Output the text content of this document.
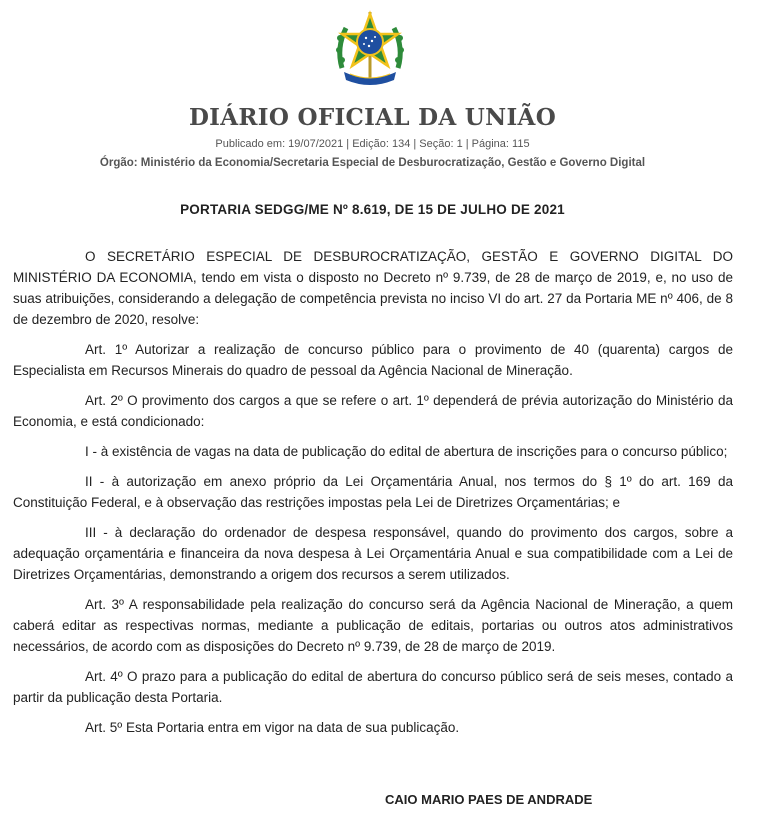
DIÁRIO OFICIAL DA UNIÃO
Publicado em: 19/07/2021 | Edição: 134 | Seção: 1 | Página: 115
Órgão: Ministério da Economia/Secretaria Especial de Desburocratização, Gestão e Governo Digital
PORTARIA SEDGG/ME Nº 8.619, DE 15 DE JULHO DE 2021

O SECRETÁRIO ESPECIAL DE DESBUROCRATIZAÇÃO, GESTÃO E GOVERNO DIGITAL DO MINISTÉRIO DA ECONOMIA, tendo em vista o disposto no Decreto nº 9.739, de 28 de março de 2019, e, no uso de suas atribuições, considerando a delegação de competência prevista no inciso VI do art. 27 da Portaria ME nº 406, de 8 de dezembro de 2020, resolve:

Art. 1º Autorizar a realização de concurso público para o provimento de 40 (quarenta) cargos de Especialista em Recursos Minerais do quadro de pessoal da Agência Nacional de Mineração.

Art. 2º O provimento dos cargos a que se refere o art. 1º dependerá de prévia autorização do Ministério da Economia, e está condicionado:

I - à existência de vagas na data de publicação do edital de abertura de inscrições para o concurso público;

II - à autorização em anexo próprio da Lei Orçamentária Anual, nos termos do § 1º do art. 169 da Constituição Federal, e à observação das restrições impostas pela Lei de Diretrizes Orçamentárias; e

III - à declaração do ordenador de despesa responsável, quando do provimento dos cargos, sobre a adequação orçamentária e financeira da nova despesa à Lei Orçamentária Anual e sua compatibilidade com a Lei de Diretrizes Orçamentárias, demonstrando a origem dos recursos a serem utilizados.

Art. 3º A responsabilidade pela realização do concurso será da Agência Nacional de Mineração, a quem caberá editar as respectivas normas, mediante a publicação de editais, portarias ou outros atos administrativos necessários, de acordo com as disposições do Decreto nº 9.739, de 28 de março de 2019.

Art. 4º O prazo para a publicação do edital de abertura do concurso público será de seis meses, contado a partir da publicação desta Portaria.

Art. 5º Esta Portaria entra em vigor na data de sua publicação.

CAIO MARIO PAES DE ANDRADE
